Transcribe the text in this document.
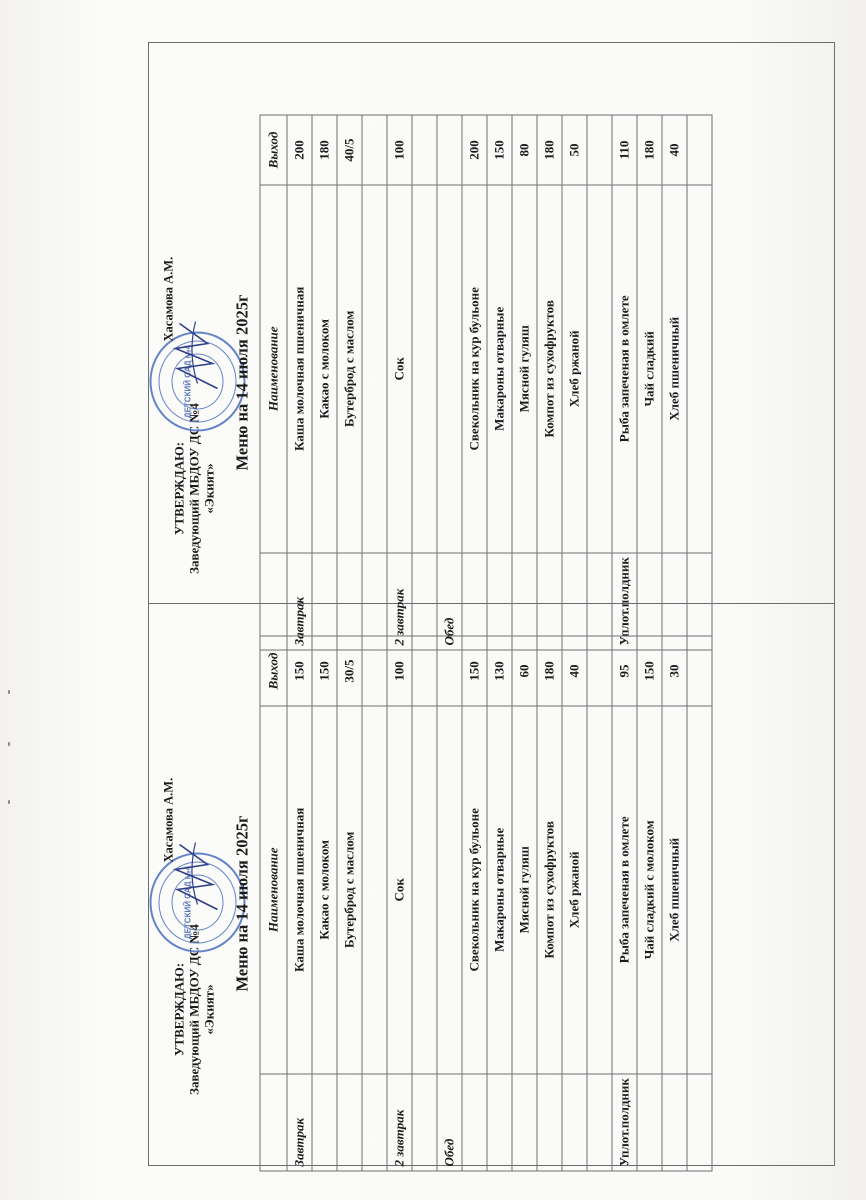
УТВЕРЖДАЮ: Заведующий МБДОУ ДС №4 «Экият»
ДЕТСКИЙ САД №4
Хасамова А.М.	Меню на 14 июля 2025г
	Наименование	Выход
Завтрак	Каша молочная пшеничная	200
	Какао с молоком	180
	Бутерброд с маслом	40/5

2 завтрак	Сок	100

Обед		
	Свекольник на кур бульоне	200
	Макароны отварные	150
	Мясной гуляш	80
	Компот из сухофруктов	180
	Хлеб ржаной	50

Уплот.полдник	Рыба запеченая в омлете	110
	Чай сладкий	180
	Хлеб пшеничный	40

УТВЕРЖДАЮ: Заведующий МБДОУ ДС №4 «Экият»
ДЕТСКИЙ САД №4
Хасамова А.М.	Меню на 14 июля 2025г
	Наименование	Выход
Завтрак	Каша молочная пшеничная	150
	Какао с молоком	150
	Бутерброд с маслом	30/5

2 завтрак	Сок	100

Обед		
	Свекольник на кур бульоне	150
	Макароны отварные	130
	Мясной гуляш	60
	Компот из сухофруктов	180
	Хлеб ржаной	40

Уплот.полдник	Рыба запеченая в омлете	95
	Чай сладкий с молоком	150
	Хлеб пшеничный	30
